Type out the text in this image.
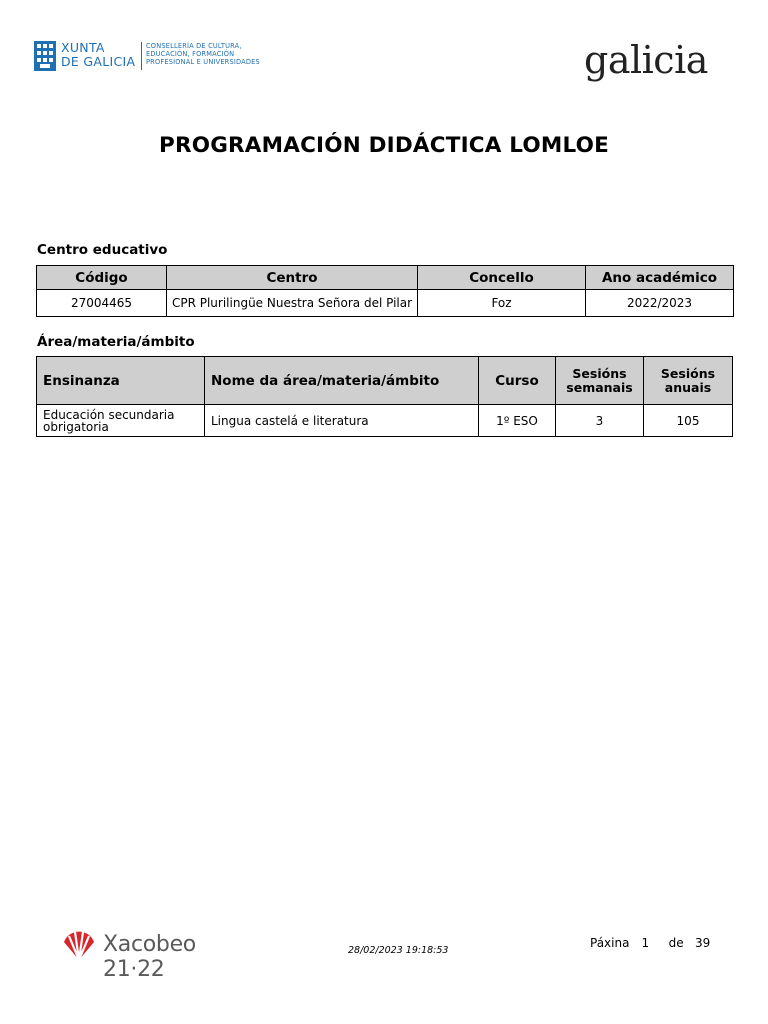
XUNTA
DE GALICIA
CONSELLERÍA DE CULTURA,
EDUCACIÓN, FORMACIÓN
PROFESIONAL E UNIVERSIDADES	galicia
PROGRAMACIÓN DIDÁCTICA LOMLOE
Centro educativo
Código	Centro	Concello	Ano académico
27004465	CPR Plurilingüe Nuestra Señora del Pilar	Foz	2022/2023
Área/materia/ámbito
Ensinanza	Nome da área/materia/ámbito	Curso	Sesións semanais	Sesións anuais
Educación secundaria obrigatoria	Lingua castelá e literatura	1º ESO	3	105
Xacobeo 21·22
28/02/2023 19:18:53
Páxina 1 de 39
